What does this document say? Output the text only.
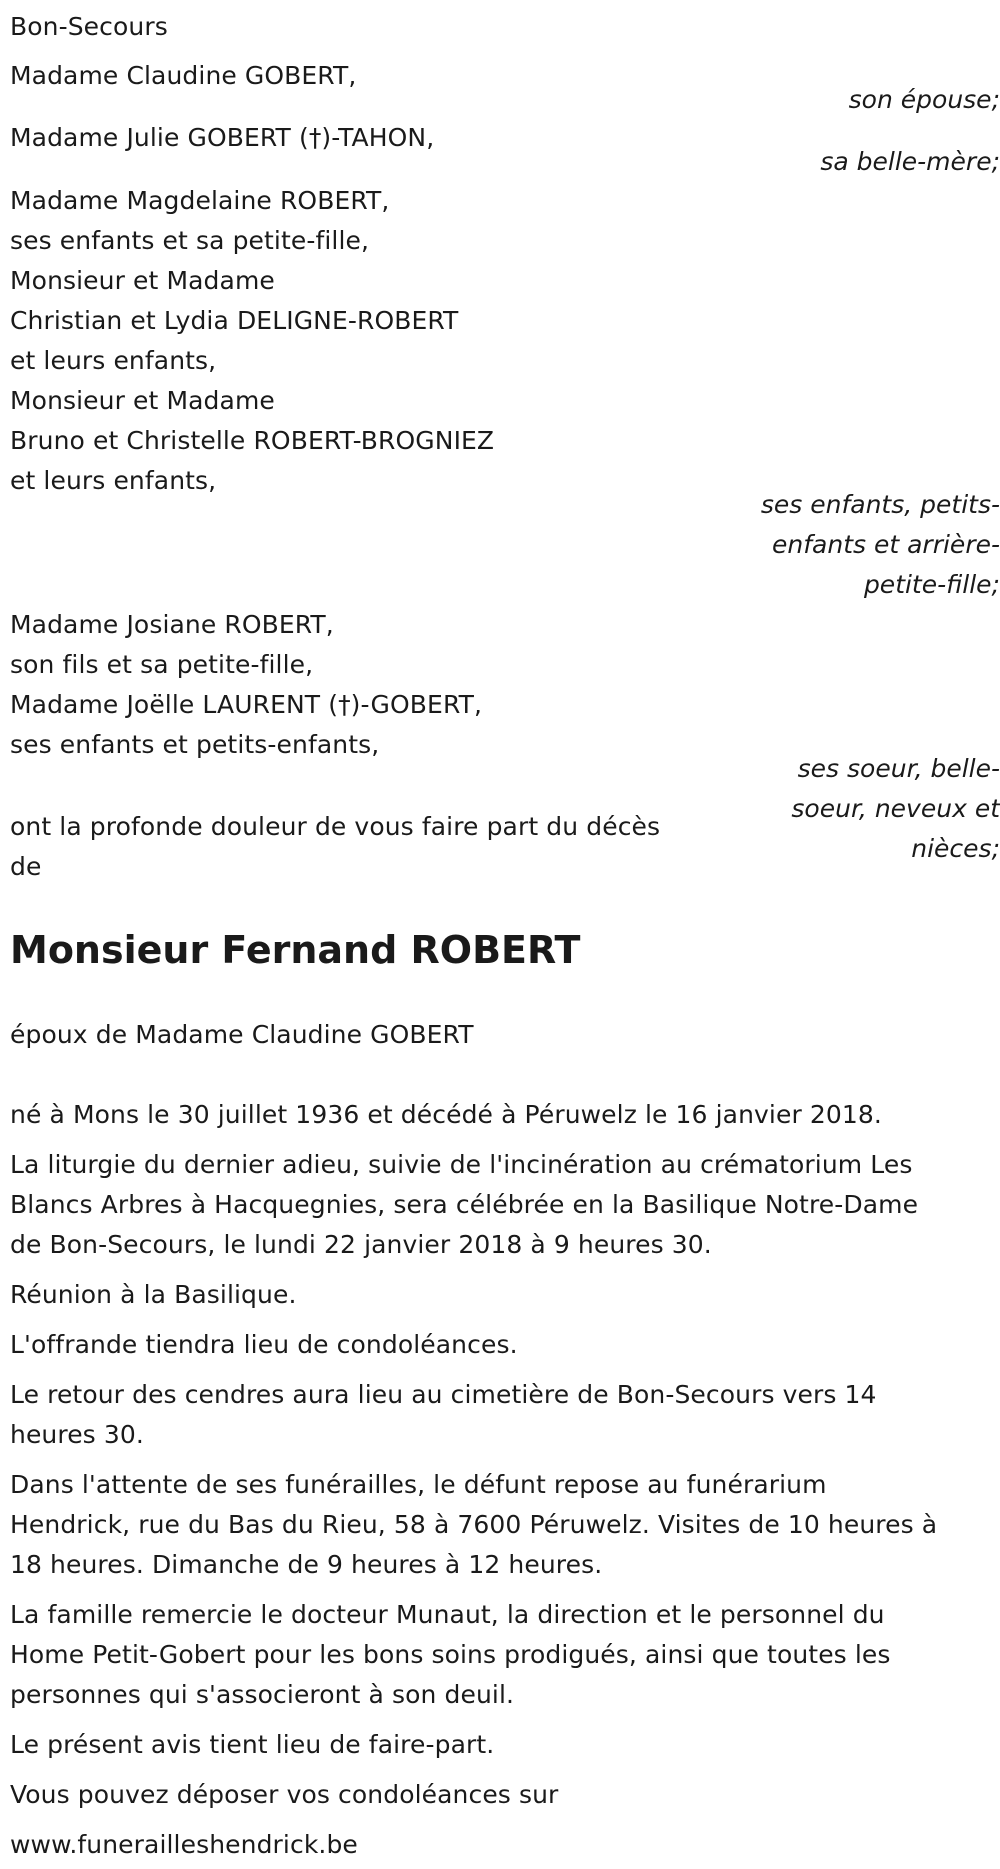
Bon-Secours
Madame Claudine GOBERT,
son épouse;
Madame Julie GOBERT (†)-TAHON,
sa belle-mère;
Madame Magdelaine ROBERT,
ses enfants et sa petite-fille,
Monsieur et Madame
Christian et Lydia DELIGNE-ROBERT
et leurs enfants,
Monsieur et Madame
Bruno et Christelle ROBERT-BROGNIEZ
et leurs enfants,
ses enfants, petits-
enfants et arrière-
petite-fille;
Madame Josiane ROBERT,
son fils et sa petite-fille,
Madame Joëlle LAURENT (†)-GOBERT,
ses enfants et petits-enfants,
ses soeur, belle-
soeur, neveux et
nièces;
ont la profonde douleur de vous faire part du décès
de
Monsieur Fernand ROBERT
époux de Madame Claudine GOBERT
né à Mons le 30 juillet 1936 et décédé à Péruwelz le 16 janvier 2018.
La liturgie du dernier adieu, suivie de l'incinération au crématorium Les
Blancs Arbres à Hacquegnies, sera célébrée en la Basilique Notre-Dame
de Bon-Secours, le lundi 22 janvier 2018 à 9 heures 30.
Réunion à la Basilique.
L'offrande tiendra lieu de condoléances.
Le retour des cendres aura lieu au cimetière de Bon-Secours vers 14
heures 30.
Dans l'attente de ses funérailles, le défunt repose au funérarium
Hendrick, rue du Bas du Rieu, 58 à 7600 Péruwelz. Visites de 10 heures à
18 heures. Dimanche de 9 heures à 12 heures.
La famille remercie le docteur Munaut, la direction et le personnel du
Home Petit-Gobert pour les bons soins prodigués, ainsi que toutes les
personnes qui s'associeront à son deuil.
Le présent avis tient lieu de faire-part.
Vous pouvez déposer vos condoléances sur
www.funerailleshendrick.be
